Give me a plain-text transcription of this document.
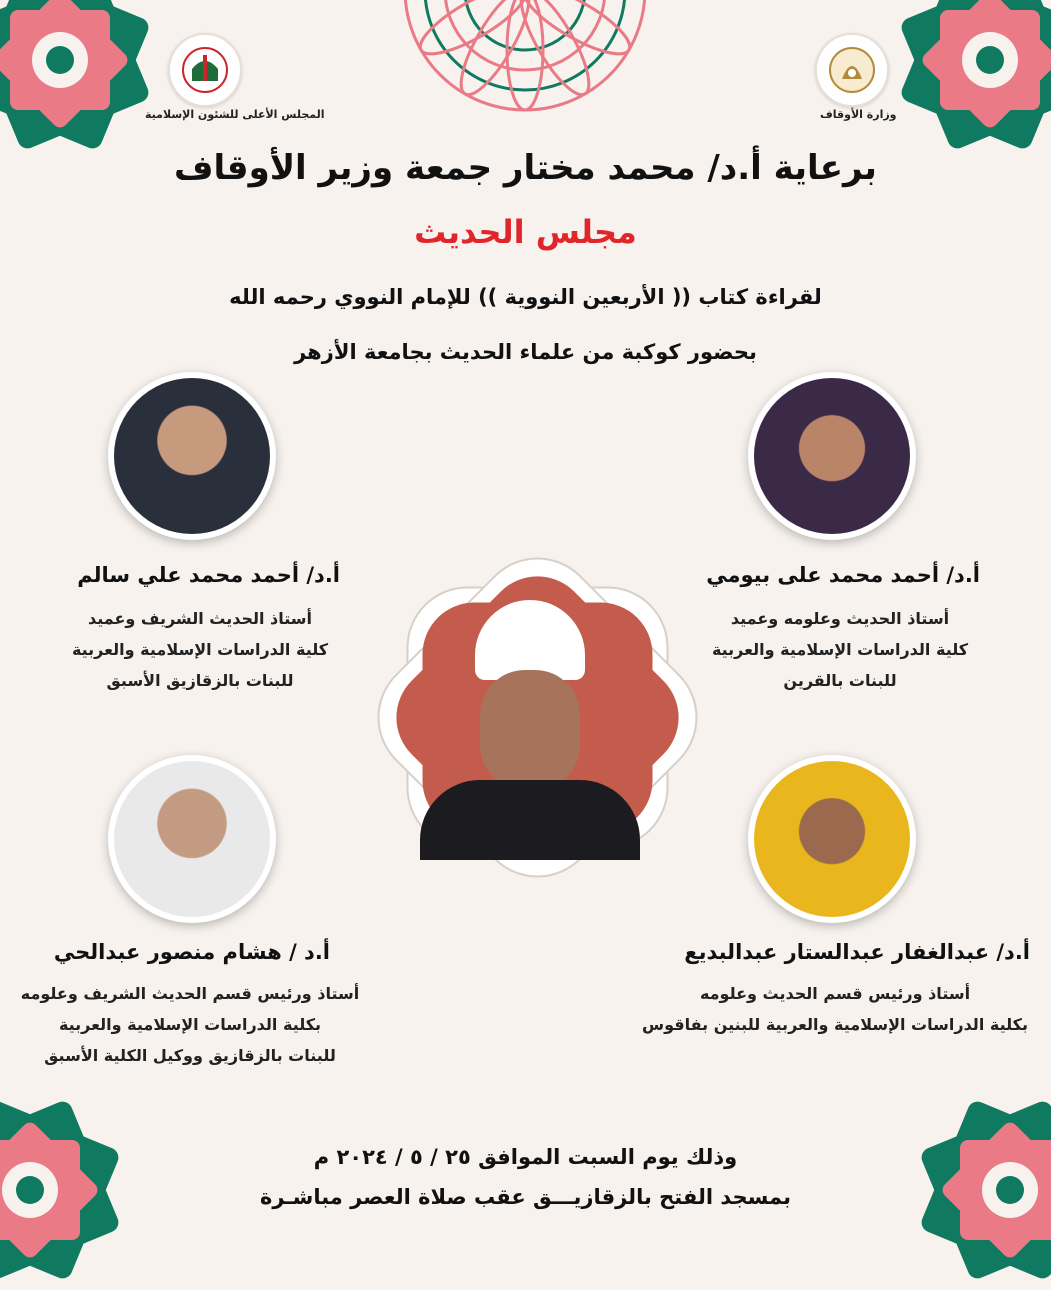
المجلس الأعلى للشئون الإسلامية	وزارة الأوقاف
برعاية أ.د/ محمد مختار جمعة وزير الأوقاف
مجلس الحديث
لقراءة كتاب (( الأربعين النووية )) للإمام النووي رحمه الله
بحضور كوكبة من علماء الحديث بجامعة الأزهر
أ.د/ أحمد محمد علي سالم
أستاذ الحديث الشريف وعميد
كلية الدراسات الإسلامية والعربية
للبنات بالزقازيق الأسبق
أ.د/ أحمد محمد على بيومي
أستاذ الحديث وعلومه وعميد
كلية الدراسات الإسلامية والعربية
للبنات بالقرين
أ.د / هشام منصور عبدالحي
أستاذ ورئيس قسم الحديث الشريف وعلومه
بكلية الدراسات الإسلامية والعربية
للبنات بالزقازيق ووكيل الكلية الأسبق
أ.د/ عبدالغفار عبدالستار عبدالبديع
أستاذ ورئيس قسم الحديث وعلومه
بكلية الدراسات الإسلامية والعربية للبنين بفاقوس
وذلك يوم السبت الموافق ٢٥ / ٥ / ٢٠٢٤ م
بمسجد الفتح بالزقازيـــق عقب صلاة العصر مباشـرة
